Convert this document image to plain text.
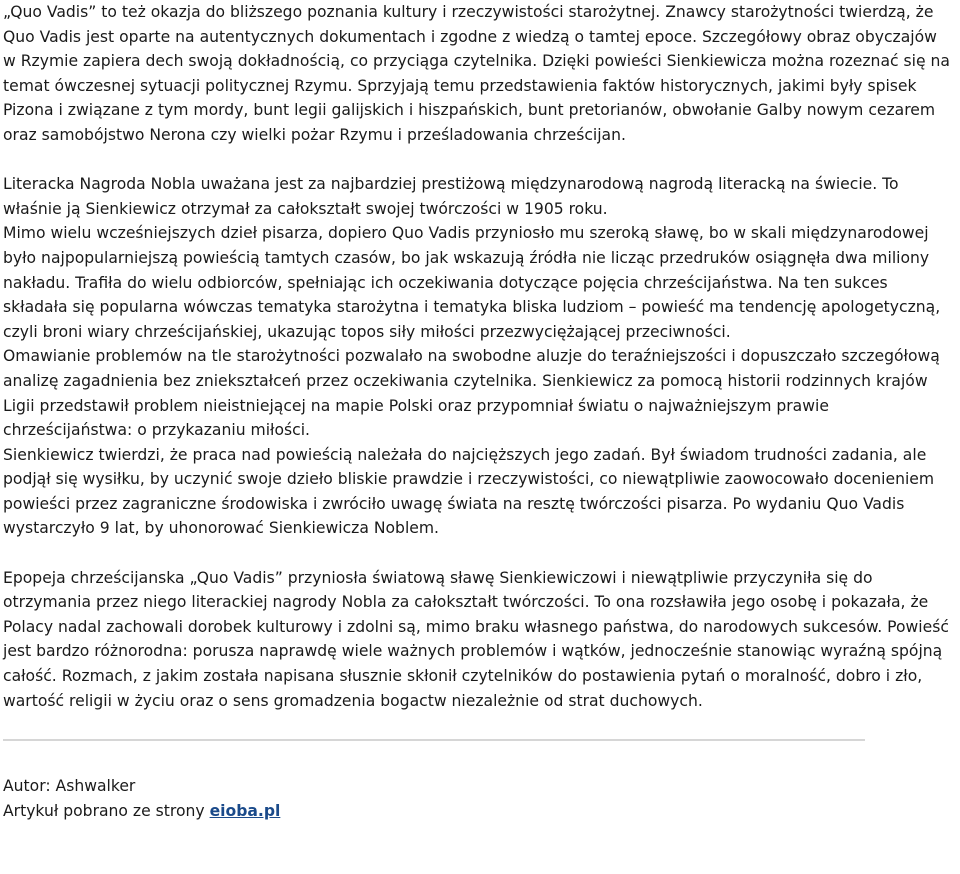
„Quo Vadis” to też okazja do bliższego poznania kultury i rzeczywistości starożytnej. Znawcy starożytności twierdzą, że Quo Vadis jest oparte na autentycznych dokumentach i zgodne z wiedzą o tamtej epoce. Szczegółowy obraz obyczajów w Rzymie zapiera dech swoją dokładnością, co przyciąga czytelnika. Dzięki powieści Sienkiewicza można rozeznać się na temat ówczesnej sytuacji politycznej Rzymu. Sprzyjają temu przedstawienia faktów historycznych, jakimi były spisek Pizona i związane z tym mordy, bunt legii galijskich i hiszpańskich, bunt pretorianów, obwołanie Galby nowym cezarem oraz samobójstwo Nerona czy wielki pożar Rzymu i prześladowania chrześcijan.

Literacka Nagroda Nobla uważana jest za najbardziej prestiżową międzynarodową nagrodą literacką na świecie. To właśnie ją Sienkiewicz otrzymał za całokształt swojej twórczości w 1905 roku.

Mimo wielu wcześniejszych dzieł pisarza, dopiero Quo Vadis przyniosło mu szeroką sławę, bo w skali międzynarodowej było najpopularniejszą powieścią tamtych czasów, bo jak wskazują źródła nie licząc przedruków osiągnęła dwa miliony nakładu. Trafiła do wielu odbiorców, spełniając ich oczekiwania dotyczące pojęcia chrześcijaństwa. Na ten sukces składała się popularna wówczas tematyka starożytna i tematyka bliska ludziom – powieść ma tendencję apologetyczną, czyli broni wiary chrześcijańskiej, ukazując topos siły miłości przezwyciężającej przeciwności.

Omawianie problemów na tle starożytności pozwalało na swobodne aluzje do teraźniejszości i dopuszczało szczegółową analizę zagadnienia bez zniekształceń przez oczekiwania czytelnika. Sienkiewicz za pomocą historii rodzinnych krajów Ligii przedstawił problem nieistniejącej na mapie Polski oraz przypomniał światu o najważniejszym prawie chrześcijaństwa: o przykazaniu miłości.

Sienkiewicz twierdzi, że praca nad powieścią należała do najcięższych jego zadań. Był świadom trudności zadania, ale podjął się wysiłku, by uczynić swoje dzieło bliskie prawdzie i rzeczywistości, co niewątpliwie zaowocowało docenieniem powieści przez zagraniczne środowiska i zwróciło uwagę świata na resztę twórczości pisarza. Po wydaniu Quo Vadis wystarczyło 9 lat, by uhonorować Sienkiewicza Noblem.

Epopeja chrześcijanska „Quo Vadis” przyniosła światową sławę Sienkiewiczowi i niewątpliwie przyczyniła się do otrzymania przez niego literackiej nagrody Nobla za całokształt twórczości. To ona rozsławiła jego osobę i pokazała, że Polacy nadal zachowali dorobek kulturowy i zdolni są, mimo braku własnego państwa, do narodowych sukcesów. Powieść jest bardzo różnorodna: porusza naprawdę wiele ważnych problemów i wątków, jednocześnie stanowiąc wyraźną spójną całość. Rozmach, z jakim została napisana słusznie skłonił czytelników do postawienia pytań o moralność, dobro i zło, wartość religii w życiu oraz o sens gromadzenia bogactw niezależnie od strat duchowych.

Autor: Ashwalker

Artykuł pobrano ze strony eioba.pl
